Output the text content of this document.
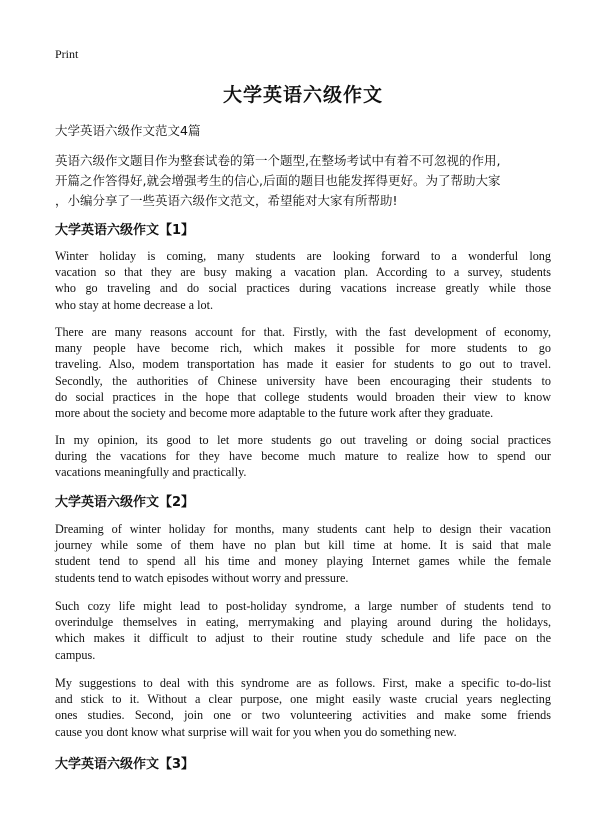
Print
大学英语六级作文
大学英语六级作文范文4篇
英语六级作文题目作为整套试卷的第一个题型,在整场考试中有着不可忽视的作用,
开篇之作答得好,就会增强考生的信心,后面的题目也能发挥得更好。为了帮助大家
，小编分享了一些英语六级作文范文，希望能对大家有所帮助!
大学英语六级作文【1】
Winter holiday is coming, many students are looking forward to a wonderful long
vacation so that they are busy making a vacation plan. According to a survey, students
who go traveling and do social practices during vacations increase greatly while those
who stay at home decrease a lot.
There are many reasons account for that. Firstly, with the fast development of economy,
many people have become rich, which makes it possible for more students to go
traveling. Also, modem transportation has made it easier for students to go out to travel.
Secondly, the authorities of Chinese university have been encouraging their students to
do social practices in the hope that college students would broaden their view to know
more about the society and become more adaptable to the future work after they graduate.
In my opinion, its good to let more students go out traveling or doing social practices
during the vacations for they have become much mature to realize how to spend our
vacations meaningfully and practically.
大学英语六级作文【2】
Dreaming of winter holiday for months, many students cant help to design their vacation
journey while some of them have no plan but kill time at home. It is said that male
student tend to spend all his time and money playing Internet games while the female
students tend to watch episodes without worry and pressure.
Such cozy life might lead to post-holiday syndrome, a large number of students tend to
overindulge themselves in eating, merrymaking and playing around during the holidays,
which makes it difficult to adjust to their routine study schedule and life pace on the
campus.
My suggestions to deal with this syndrome are as follows. First, make a specific to-do-list
and stick to it. Without a clear purpose, one might easily waste crucial years neglecting
ones studies. Second, join one or two volunteering activities and make some friends
cause you dont know what surprise will wait for you when you do something new.
大学英语六级作文【3】
